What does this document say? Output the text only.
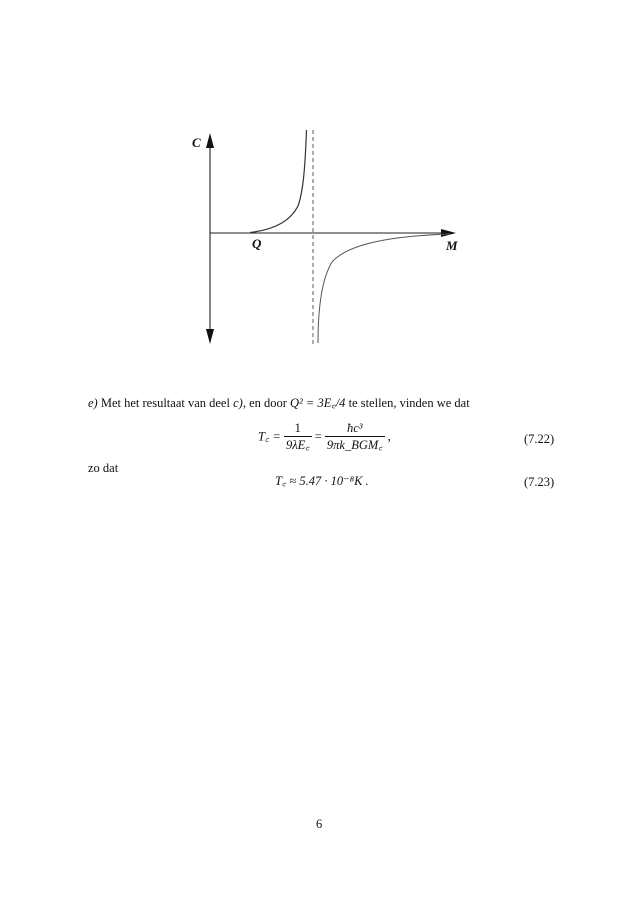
C
Q	M
e) Met het resultaat van deel c), en door Q² = 3E꜀/4 te stellen, vinden we dat
T꜀ = $\frac{1}{9\lambda E꜀} = \frac{\text{ħc³}}{\text{9πk\_BGM꜀}}$ ,	(7.22)
zo dat
T꜀ ≈ 5.47 · 10⁻⁸K .	(7.23)
6
